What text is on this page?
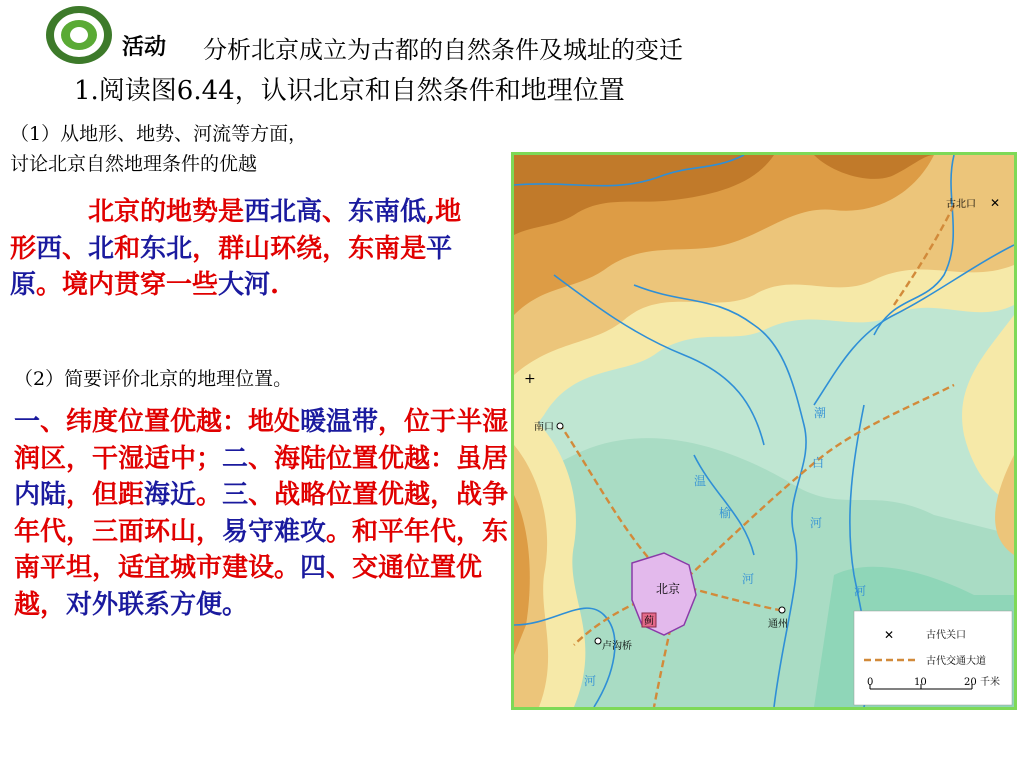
活动 分析北京成立为古都的自然条件及城址的变迁
1.阅读图6.44，认识北京和自然条件和地理位置
（1）从地形、地势、河流等方面，
讨论北京自然地理条件的优越
北京的地势是西北高、东南低,地形西、北和东北，群山环绕，东南是平原。境内贯穿一些大河.
（2）简要评价北京的地理位置。
一、纬度位置优越：地处暖温带，位于半湿润区，干湿适中；二、海陆位置优越：虽居内陆，但距海近。三、战略位置优越，战争年代，三面环山，易守难攻。和平年代，东南平坦，适宜城市建设。四、交通位置优越，对外联系方便。
古北口 ✕
+
南口
北京
蓟	通州
卢沟桥
潮
白
河
温
榆
河
河
河
✕	古代关口
古代交通大道
0	10	20 千米
